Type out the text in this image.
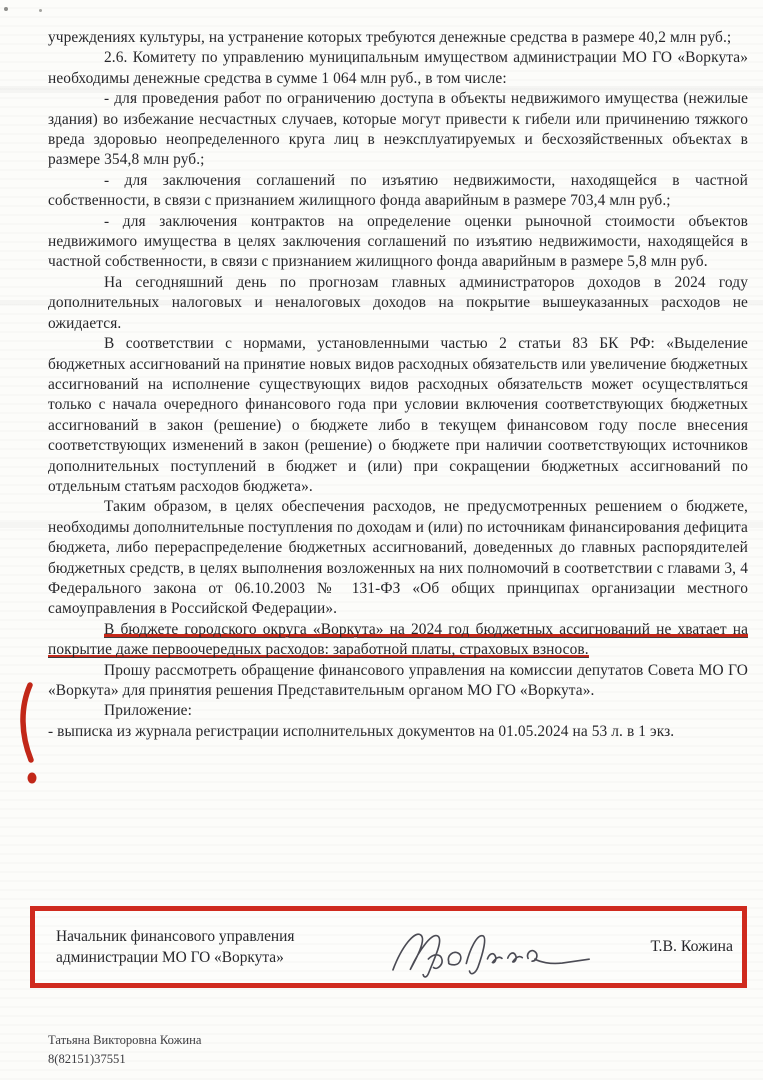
учреждениях культуры, на устранение которых требуются денежные средства в размере 40,2 млн руб.;

2.6. Комитету по управлению муниципальным имуществом администрации МО ГО «Воркута» необходимы денежные средства в сумме 1 064 млн руб., в том числе:

- для проведения работ по ограничению доступа в объекты недвижимого имущества (нежилые здания) во избежание несчастных случаев, которые могут привести к гибели или причинению тяжкого вреда здоровью неопределенного круга лиц в неэксплуатируемых и бесхозяйственных объектах в размере 354,8 млн руб.;

- для заключения соглашений по изъятию недвижимости, находящейся в частной собственности, в связи с признанием жилищного фонда аварийным в размере 703,4 млн руб.;

- для заключения контрактов на определение оценки рыночной стоимости объектов недвижимого имущества в целях заключения соглашений по изъятию недвижимости, находящейся в частной собственности, в связи с признанием жилищного фонда аварийным в размере 5,8 млн руб.

На сегодняшний день по прогнозам главных администраторов доходов в 2024 году дополнительных налоговых и неналоговых доходов на покрытие вышеуказанных расходов не ожидается.

В соответствии с нормами, установленными частью 2 статьи 83 БК РФ: «Выделение бюджетных ассигнований на принятие новых видов расходных обязательств или увеличение бюджетных ассигнований на исполнение существующих видов расходных обязательств может осуществляться только с начала очередного финансового года при условии включения соответствующих бюджетных ассигнований в закон (решение) о бюджете либо в текущем финансовом году после внесения соответствующих изменений в закон (решение) о бюджете при наличии соответствующих источников дополнительных поступлений в бюджет и (или) при сокращении бюджетных ассигнований по отдельным статьям расходов бюджета».

Таким образом, в целях обеспечения расходов, не предусмотренных решением о бюджете, необходимы дополнительные поступления по доходам и (или) по источникам финансирования дефицита бюджета, либо перераспределение бюджетных ассигнований, доведенных до главных распорядителей бюджетных средств, в целях выполнения возложенных на них полномочий в соответствии с главами 3, 4 Федерального закона от 06.10.2003 № 131-ФЗ «Об общих принципах организации местного самоуправления в Российской Федерации».

В бюджете городского округа «Воркута» на 2024 год бюджетных ассигнований не хватает на покрытие даже первоочередных расходов: заработной платы, страховых взносов.

Прошу рассмотреть обращение финансового управления на комиссии депутатов Совета МО ГО «Воркута» для принятия решения Представительным органом МО ГО «Воркута».

Приложение:

- выписка из журнала регистрации исполнительных документов на 01.05.2024 на 53 л. в 1 экз.

Начальник финансового управления
администрации МО ГО «Воркута»
Т.В. Кожина
Татьяна Викторовна Кожина
8(82151)37551
